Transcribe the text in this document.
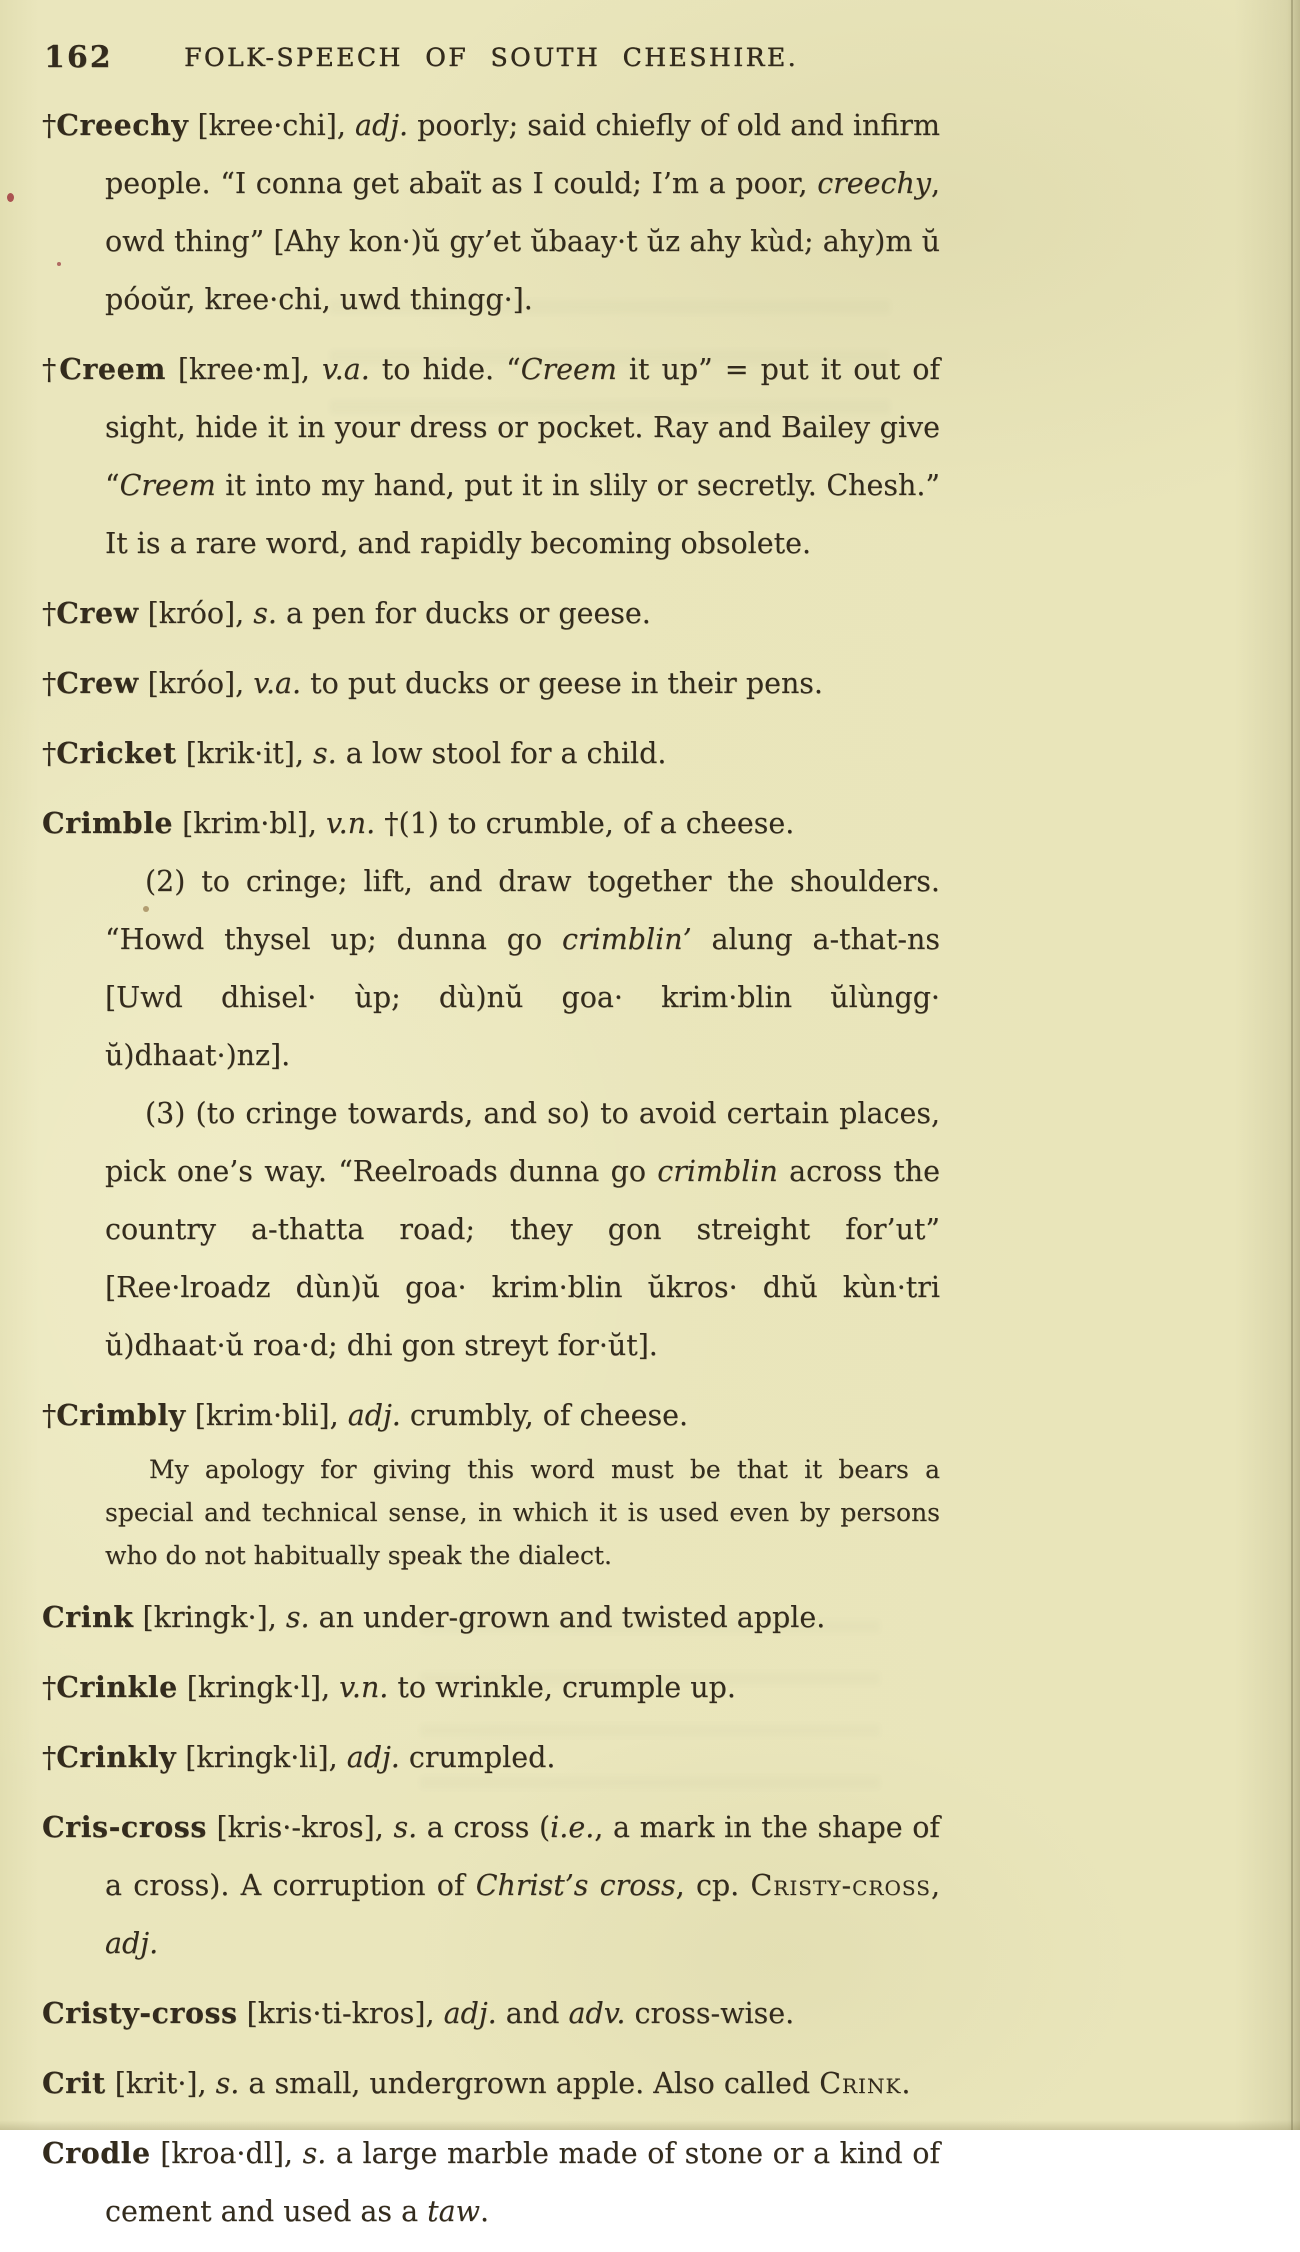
162	FOLK-SPEECH OF SOUTH CHESHIRE.

†Creechy [kree·chi], adj. poorly; said chiefly of old and infirm people. “I conna get abaït as I could; I’m a poor, creechy, owd thing” [Ahy kon·)ŭ gy’et ŭbaay·t ŭz ahy kùd; ahy)m ŭ póoŭr, kree·chi, uwd thingg·].

†Creem [kree·m], v.a. to hide. “Creem it up” = put it out of sight, hide it in your dress or pocket. Ray and Bailey give “Creem it into my hand, put it in slily or secretly. Chesh.” It is a rare word, and rapidly becoming obsolete.

†Crew [króo], s. a pen for ducks or geese.

†Crew [króo], v.a. to put ducks or geese in their pens.

†Cricket [krik·it], s. a low stool for a child.

Crimble [krim·bl], v.n. †(1) to crumble, of a cheese.

(2) to cringe; lift, and draw together the shoulders. “Howd thysel up; dunna go crimblin’ alung a-that-ns [Uwd dhisel· ùp; dù)nŭ goa· krim·blin ŭlùngg· ŭ)dhaat·)nz].

(3) (to cringe towards, and so) to avoid certain places, pick one’s way. “Reelroads dunna go crimblin across the country a-thatta road; they gon streight for’ut” [Ree·lroadz dùn)ŭ goa· krim·blin ŭkros· dhŭ kùn·tri ŭ)dhaat·ŭ roa·d; dhi gon streyt for·ŭt].

†Crimbly [krim·bli], adj. crumbly, of cheese.

My apology for giving this word must be that it bears a special and technical sense, in which it is used even by persons who do not habitually speak the dialect.

Crink [kringk·], s. an under-grown and twisted apple.

†Crinkle [kringk·l], v.n. to wrinkle, crumple up.

†Crinkly [kringk·li], adj. crumpled.

Cris-cross [kris·-kros], s. a cross (i.e., a mark in the shape of a cross). A corruption of Christ’s cross, cp. Cristy-cross, adj.

Cristy-cross [kris·ti-kros], adj. and adv. cross-wise.

Crit [krit·], s. a small, undergrown apple. Also called Crink.

Crodle [kroa·dl], s. a large marble made of stone or a kind of cement and used as a taw.
